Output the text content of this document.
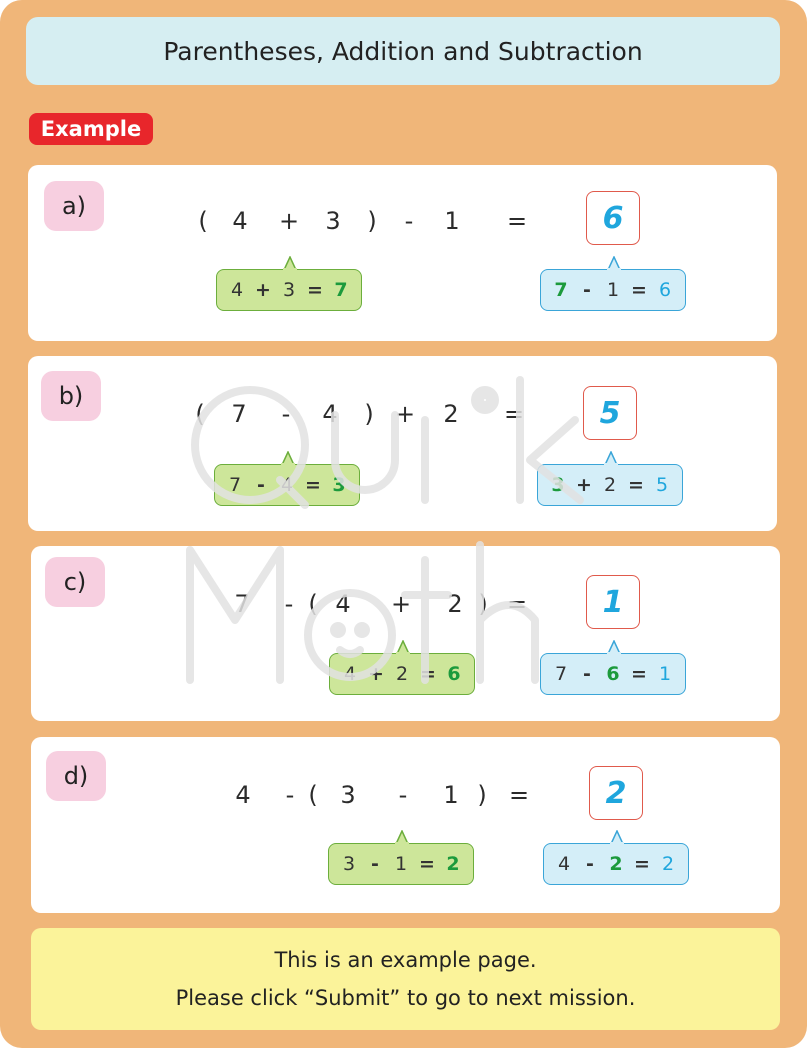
Parentheses, Addition and Subtraction
Example
a)
( 4 + 3 ) - 1 =	6
4 + 3 = 7	7 - 1 = 6
b)
( 7 - 4 ) + 2 =	5
7 - 4 = 3	3 + 2 = 5
c)
7 - ( 4 + 2 ) =	1
4 + 2 = 6	7 - 6 = 1
d)
4 - ( 3 - 1 ) =	2
3 - 1 = 2	4 - 2 = 2
This is an example page.
Please click “Submit” to go to next mission.
